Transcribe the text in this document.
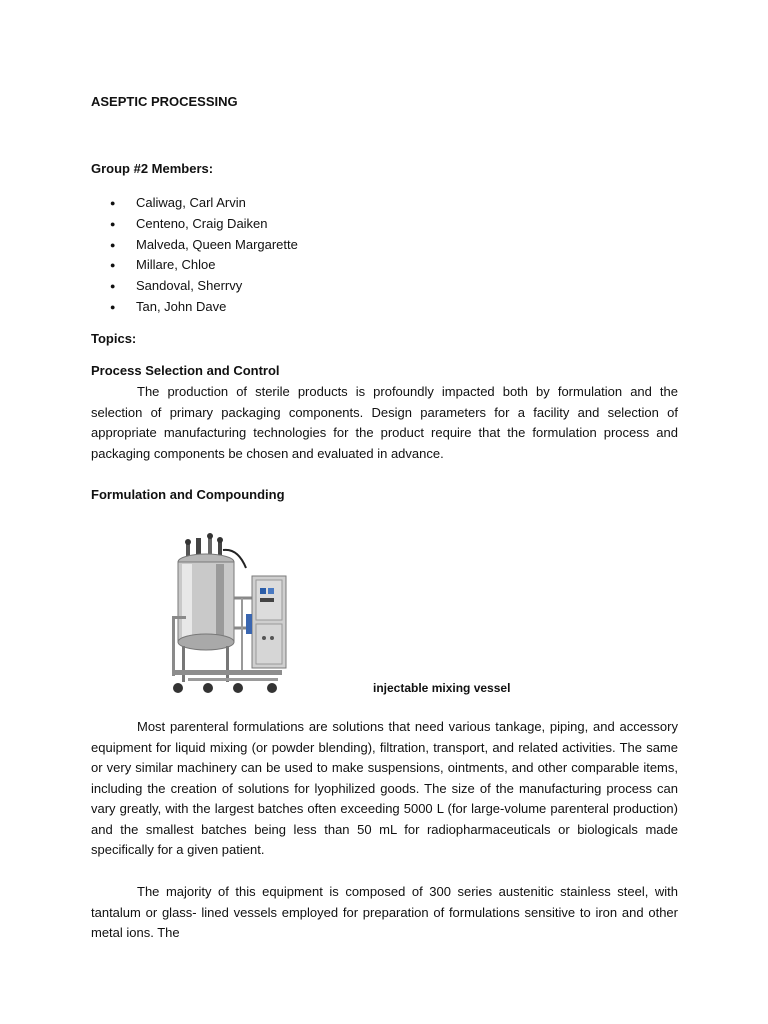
ASEPTIC PROCESSING
Group #2 Members:
● Caliwag, Carl Arvin
● Centeno, Craig Daiken
● Malveda, Queen Margarette
● Millare, Chloe
● Sandoval, Sherrvy
● Tan, John Dave
Topics:
Process Selection and Control

The production of sterile products is profoundly impacted both by formulation and the selection of primary packaging components. Design parameters for a facility and selection of appropriate manufacturing technologies for the product require that the formulation process and packaging components be chosen and evaluated in advance.

Formulation and Compounding
injectable mixing vessel

Most parenteral formulations are solutions that need various tankage, piping, and accessory equipment for liquid mixing (or powder blending), filtration, transport, and related activities. The same or very similar machinery can be used to make suspensions, ointments, and other comparable items, including the creation of solutions for lyophilized goods. The size of the manufacturing process can vary greatly, with the largest batches often exceeding 5000 L (for large-volume parenteral production) and the smallest batches being less than 50 mL for radiopharmaceuticals or biologicals made specifically for a given patient.

The majority of this equipment is composed of 300 series austenitic stainless steel, with tantalum or glass- lined vessels employed for preparation of formulations sensitive to iron and other metal ions. The
